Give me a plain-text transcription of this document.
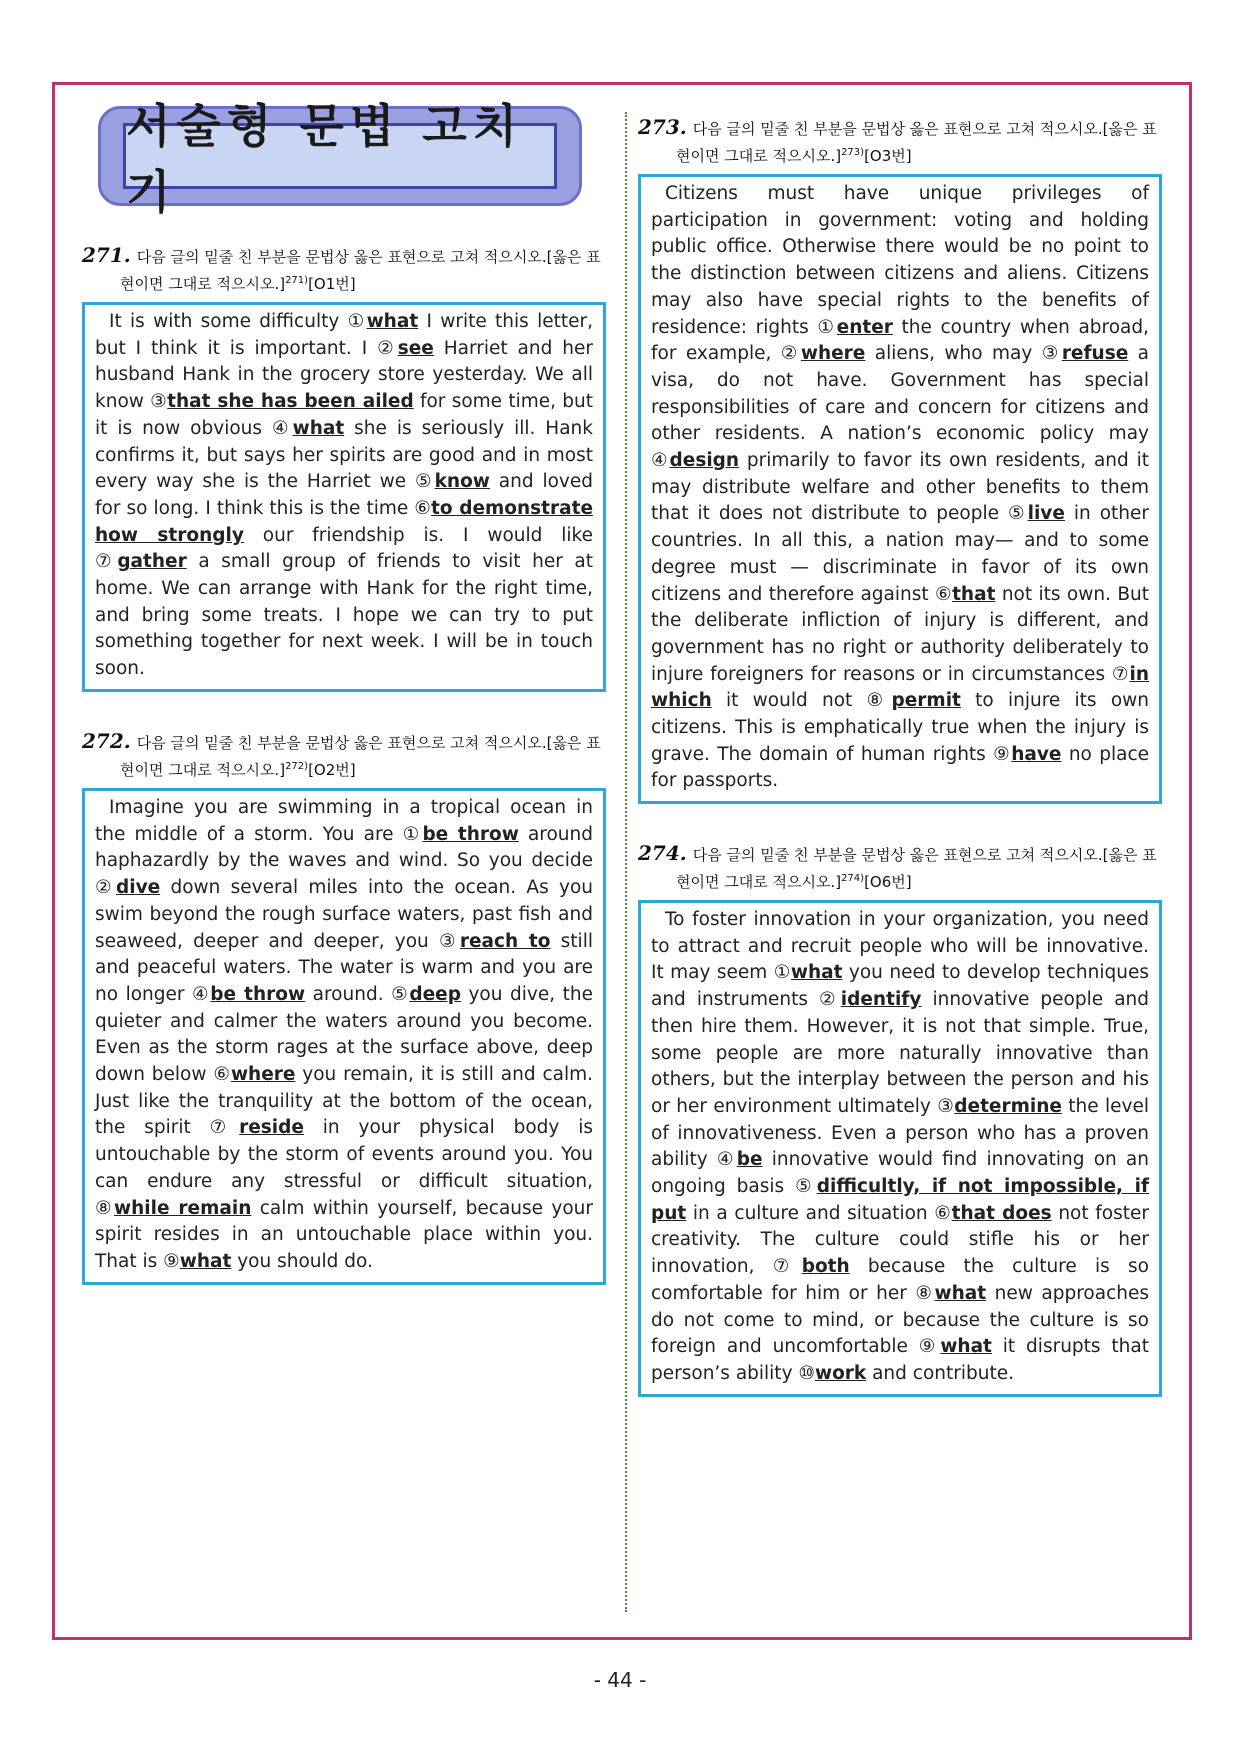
서술형 문법 고치기
271. 다음 글의 밑줄 친 부분을 문법상 옳은 표현으로 고쳐 적으시오.[옳은 표현이면 그대로 적으시오.]$^{271)}$[O1번]

It is with some difficulty ①what I write this letter, but I think it is important. I ②see Harriet and her husband Hank in the grocery store yesterday. We all know ③that she has been ailed for some time, but it is now obvious ④what she is seriously ill. Hank confirms it, but says her spirits are good and in most every way she is the Harriet we ⑤know and loved for so long. I think this is the time ⑥to demonstrate how strongly our friendship is. I would like ⑦gather a small group of friends to visit her at home. We can arrange with Hank for the right time, and bring some treats. I hope we can try to put something together for next week. I will be in touch soon.

272. 다음 글의 밑줄 친 부분을 문법상 옳은 표현으로 고쳐 적으시오.[옳은 표현이면 그대로 적으시오.]$^{272)}$[O2번]

Imagine you are swimming in a tropical ocean in the middle of a storm. You are ①be throw around haphazardly by the waves and wind. So you decide ②dive down several miles into the ocean. As you swim beyond the rough surface waters, past fish and seaweed, deeper and deeper, you ③reach to still and peaceful waters. The water is warm and you are no longer ④be throw around. ⑤deep you dive, the quieter and calmer the waters around you become. Even as the storm rages at the surface above, deep down below ⑥where you remain, it is still and calm. Just like the tranquility at the bottom of the ocean, the spirit ⑦reside in your physical body is untouchable by the storm of events around you. You can endure any stressful or difficult situation, ⑧while remain calm within yourself, because your spirit resides in an untouchable place within you. That is ⑨what you should do.

273. 다음 글의 밑줄 친 부분을 문법상 옳은 표현으로 고쳐 적으시오.[옳은 표현이면 그대로 적으시오.]$^{273)}$[O3번]

Citizens must have unique privileges of participation in government: voting and holding public office. Otherwise there would be no point to the distinction between citizens and aliens. Citizens may also have special rights to the benefits of residence: rights ①enter the country when abroad, for example, ②where aliens, who may ③refuse a visa, do not have. Government has special responsibilities of care and concern for citizens and other residents. A nation’s economic policy may ④design primarily to favor its own residents, and it may distribute welfare and other benefits to them that it does not distribute to people ⑤live in other countries. In all this, a nation may— and to some degree must — discriminate in favor of its own citizens and therefore against ⑥that not its own. But the deliberate infliction of injury is different, and government has no right or authority deliberately to injure foreigners for reasons or in circumstances ⑦in which it would not ⑧permit to injure its own citizens. This is emphatically true when the injury is grave. The domain of human rights ⑨have no place for passports.

274. 다음 글의 밑줄 친 부분을 문법상 옳은 표현으로 고쳐 적으시오.[옳은 표현이면 그대로 적으시오.]$^{274)}$[O6번]

To foster innovation in your organization, you need to attract and recruit people who will be innovative. It may seem ①what you need to develop techniques and instruments ②identify innovative people and then hire them. However, it is not that simple. True, some people are more naturally innovative than others, but the interplay between the person and his or her environment ultimately ③determine the level of innovativeness. Even a person who has a proven ability ④be innovative would find innovating on an ongoing basis ⑤difficultly, if not impossible, if put in a culture and situation ⑥that does not foster creativity. The culture could stifle his or her innovation, ⑦both because the culture is so comfortable for him or her ⑧what new approaches do not come to mind, or because the culture is so foreign and uncomfortable ⑨what it disrupts that person’s ability ⑩work and contribute.

- 44 -
